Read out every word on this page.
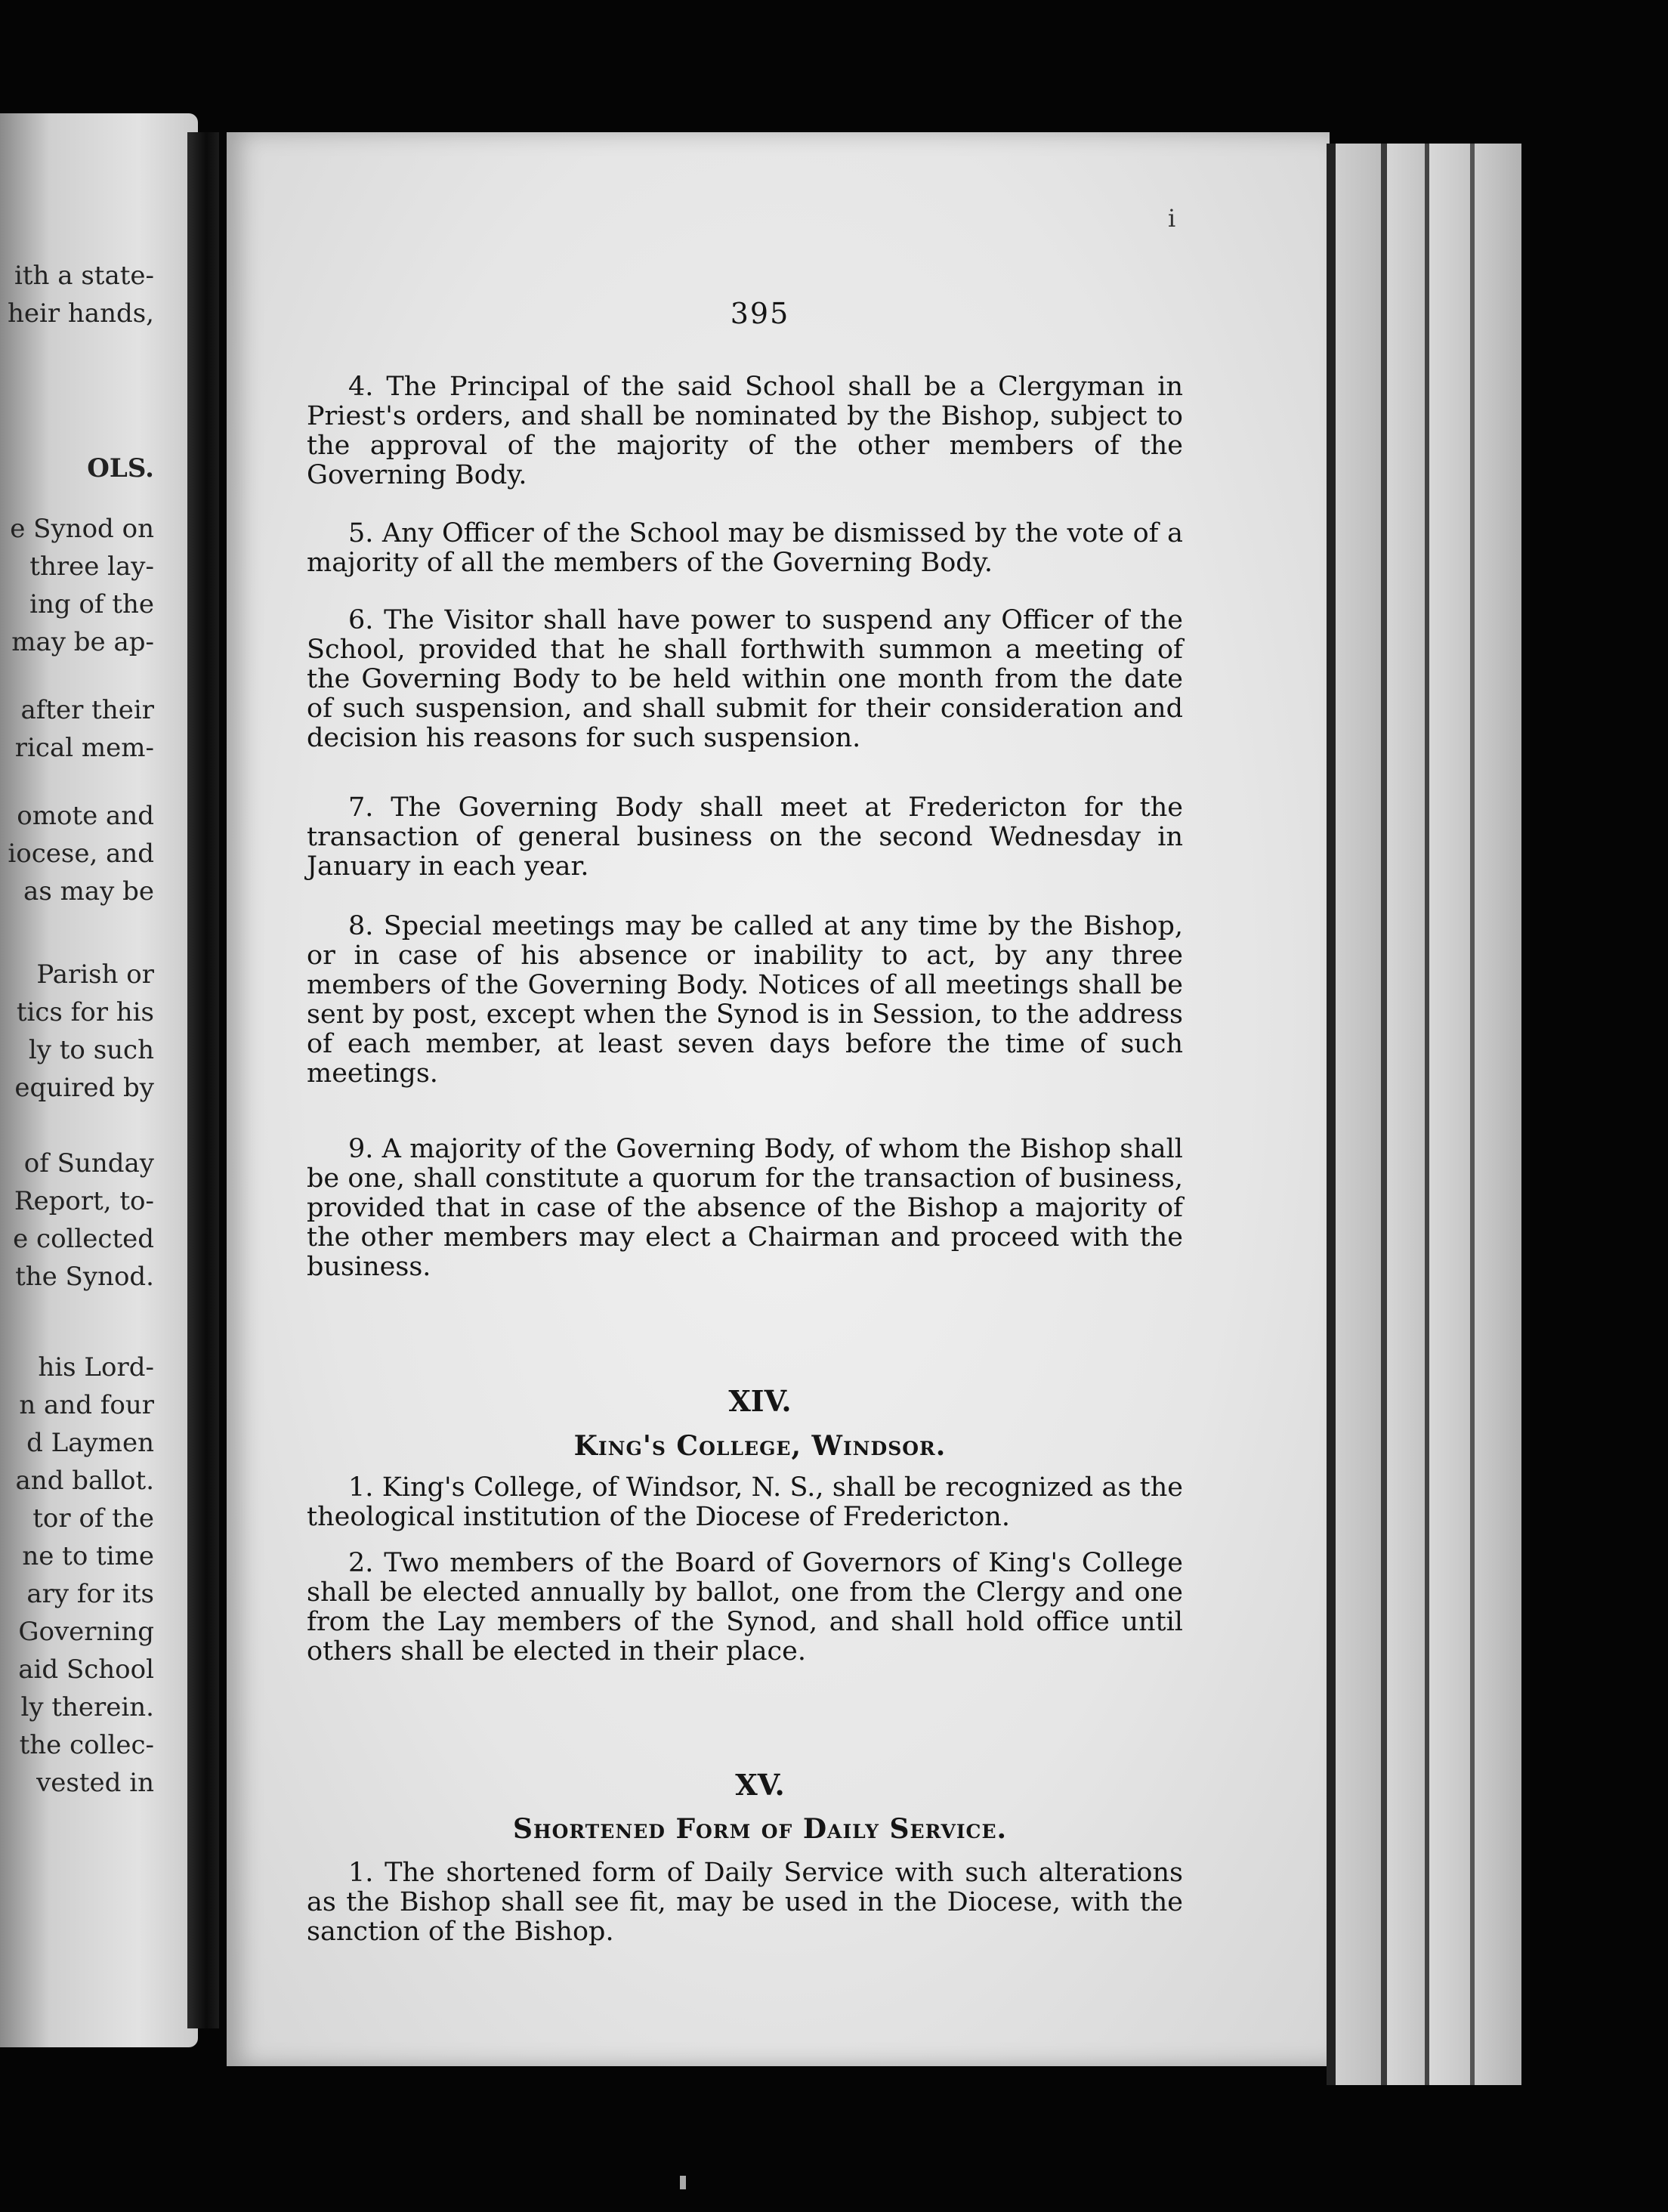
ith a state-
heir hands,
OLS.
e Synod on
three lay-
ing of the
may be ap-
after their
rical mem-
omote and
iocese, and
as may be
Parish or
tics for his
ly to such
equired by
of Sunday
Report, to-
e collected
the Synod.
his Lord-
n and four
d Laymen
and ballot.
tor of the
ne to time
ary for its
Governing
aid School
ly therein.
the collec-
vested in
395

4. The Principal of the said School shall be a Clergyman in Priest's orders, and shall be nominated by the Bishop, subject to the approval of the majority of the other members of the Governing Body.

5. Any Officer of the School may be dismissed by the vote of a majority of all the members of the Governing Body.

6. The Visitor shall have power to suspend any Officer of the School, provided that he shall forthwith summon a meeting of the Governing Body to be held within one month from the date of such suspension, and shall submit for their consideration and decision his reasons for such suspension.

7. The Governing Body shall meet at Fredericton for the transaction of general business on the second Wednesday in January in each year.

8. Special meetings may be called at any time by the Bishop, or in case of his absence or inability to act, by any three members of the Governing Body. Notices of all meetings shall be sent by post, except when the Synod is in Session, to the address of each member, at least seven days before the time of such meetings.

9. A majority of the Governing Body, of whom the Bishop shall be one, shall constitute a quorum for the transaction of business, provided that in case of the absence of the Bishop a majority of the other members may elect a Chairman and proceed with the business.

XIV.
King's College, Windsor.

1. King's College, of Windsor, N. S., shall be recognized as the theological institution of the Diocese of Fredericton.

2. Two members of the Board of Governors of King's College shall be elected annually by ballot, one from the Clergy and one from the Lay members of the Synod, and shall hold office until others shall be elected in their place.

XV.
Shortened Form of Daily Service.

1. The shortened form of Daily Service with such alterations as the Bishop shall see fit, may be used in the Diocese, with the sanction of the Bishop.

i
